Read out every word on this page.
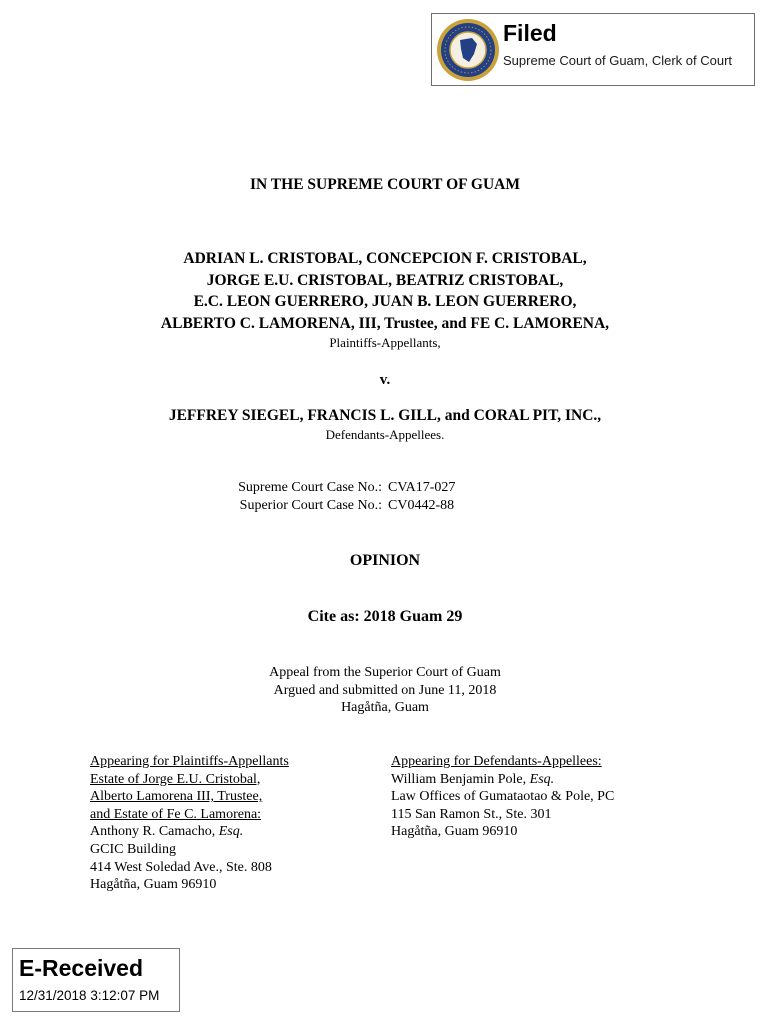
Filed
Supreme Court of Guam, Clerk of Court
IN THE SUPREME COURT OF GUAM
ADRIAN L. CRISTOBAL, CONCEPCION F. CRISTOBAL,
JORGE E.U. CRISTOBAL, BEATRIZ CRISTOBAL,
E.C. LEON GUERRERO, JUAN B. LEON GUERRERO,
ALBERTO C. LAMORENA, III, Trustee, and FE C. LAMORENA,
Plaintiffs-Appellants,
v.
JEFFREY SIEGEL, FRANCIS L. GILL, and CORAL PIT, INC.,
Defendants-Appellees.
Supreme Court Case No.: CVA17-027
Superior Court Case No.: CV0442-88
OPINION
Cite as: 2018 Guam 29
Appeal from the Superior Court of Guam
Argued and submitted on June 11, 2018
Hagåtña, Guam
Appearing for Plaintiffs-Appellants
Estate of Jorge E.U. Cristobal,
Alberto Lamorena III, Trustee,
and Estate of Fe C. Lamorena:
Anthony R. Camacho, Esq.
GCIC Building
414 West Soledad Ave., Ste. 808
Hagåtña, Guam 96910
Appearing for Defendants-Appellees:
William Benjamin Pole, Esq.
Law Offices of Gumataotao & Pole, PC
115 San Ramon St., Ste. 301
Hagåtña, Guam 96910
E-Received
12/31/2018 3:12:07 PM
